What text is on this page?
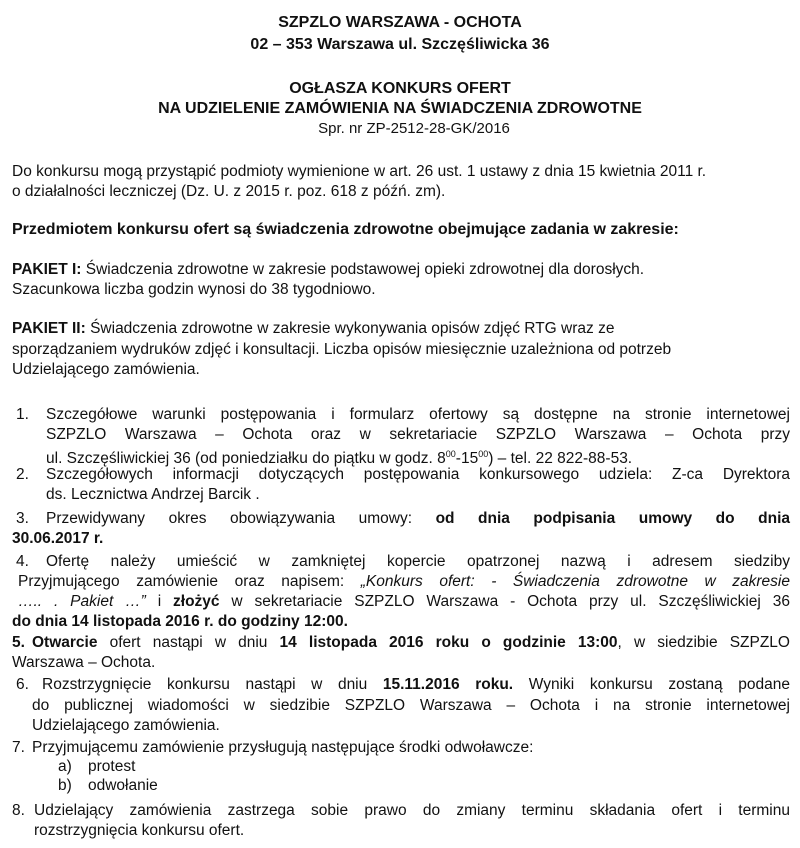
SZPZLO WARSZAWA - OCHOTA
02 – 353 Warszawa ul. Szczęśliwicka 36
OGŁASZA KONKURS OFERT
NA UDZIELENIE ZAMÓWIENIA NA ŚWIADCZENIA ZDROWOTNE
Spr. nr ZP-2512-28-GK/2016
Do konkursu mogą przystąpić podmioty wymienione w art. 26 ust. 1 ustawy z dnia 15 kwietnia 2011 r.
o działalności leczniczej (Dz. U. z 2015 r. poz. 618 z późń. zm).
Przedmiotem konkursu ofert są świadczenia zdrowotne obejmujące zadania w zakresie:
PAKIET I: Świadczenia zdrowotne w zakresie podstawowej opieki zdrowotnej dla dorosłych.
Szacunkowa liczba godzin wynosi do 38 tygodniowo.
PAKIET II: Świadczenia zdrowotne w zakresie wykonywania opisów zdjęć RTG wraz ze
sporządzaniem wydruków zdjęć i konsultacji. Liczba opisów miesięcznie uzależniona od potrzeb
Udzielającego zamówienia.
1. Szczegółowe warunki postępowania i formularz ofertowy są dostępne na stronie internetowej
SZPZLO Warszawa – Ochota oraz w sekretariacie SZPZLO Warszawa – Ochota przy
ul. Szczęśliwickiej 36 (od poniedziałku do piątku w godz. $8^{00}-15^{00}$) – tel. 22 822-88-53.
2. Szczegółowych informacji dotyczących postępowania konkursowego udziela: Z-ca Dyrektora
ds. Lecznictwa Andrzej Barcik .
3. Przewidywany okres obowiązywania umowy: od dnia podpisania umowy do dnia
30.06.2017 r.
4. Ofertę należy umieścić w zamkniętej kopercie opatrzonej nazwą i adresem siedziby
Przyjmującego zamówienie oraz napisem: „Konkurs ofert: - Świadczenia zdrowotne w zakresie
….. . Pakiet …” i złożyć w sekretariacie SZPZLO Warszawa - Ochota przy ul. Szczęśliwickiej 36
do dnia 14 listopada 2016 r. do godziny 12:00.
5. Otwarcie ofert nastąpi w dniu 14 listopada 2016 roku o godzinie 13:00, w siedzibie SZPZLO
Warszawa – Ochota.
6. Rozstrzygnięcie konkursu nastąpi w dniu 15.11.2016 roku. Wyniki konkursu zostaną podane
do publicznej wiadomości w siedzibie SZPZLO Warszawa – Ochota i na stronie internetowej
Udzielającego zamówienia.
7. Przyjmującemu zamówienie przysługują następujące środki odwoławcze:
a) protest
b) odwołanie
8. Udzielający zamówienia zastrzega sobie prawo do zmiany terminu składania ofert i terminu
rozstrzygnięcia konkursu ofert.
